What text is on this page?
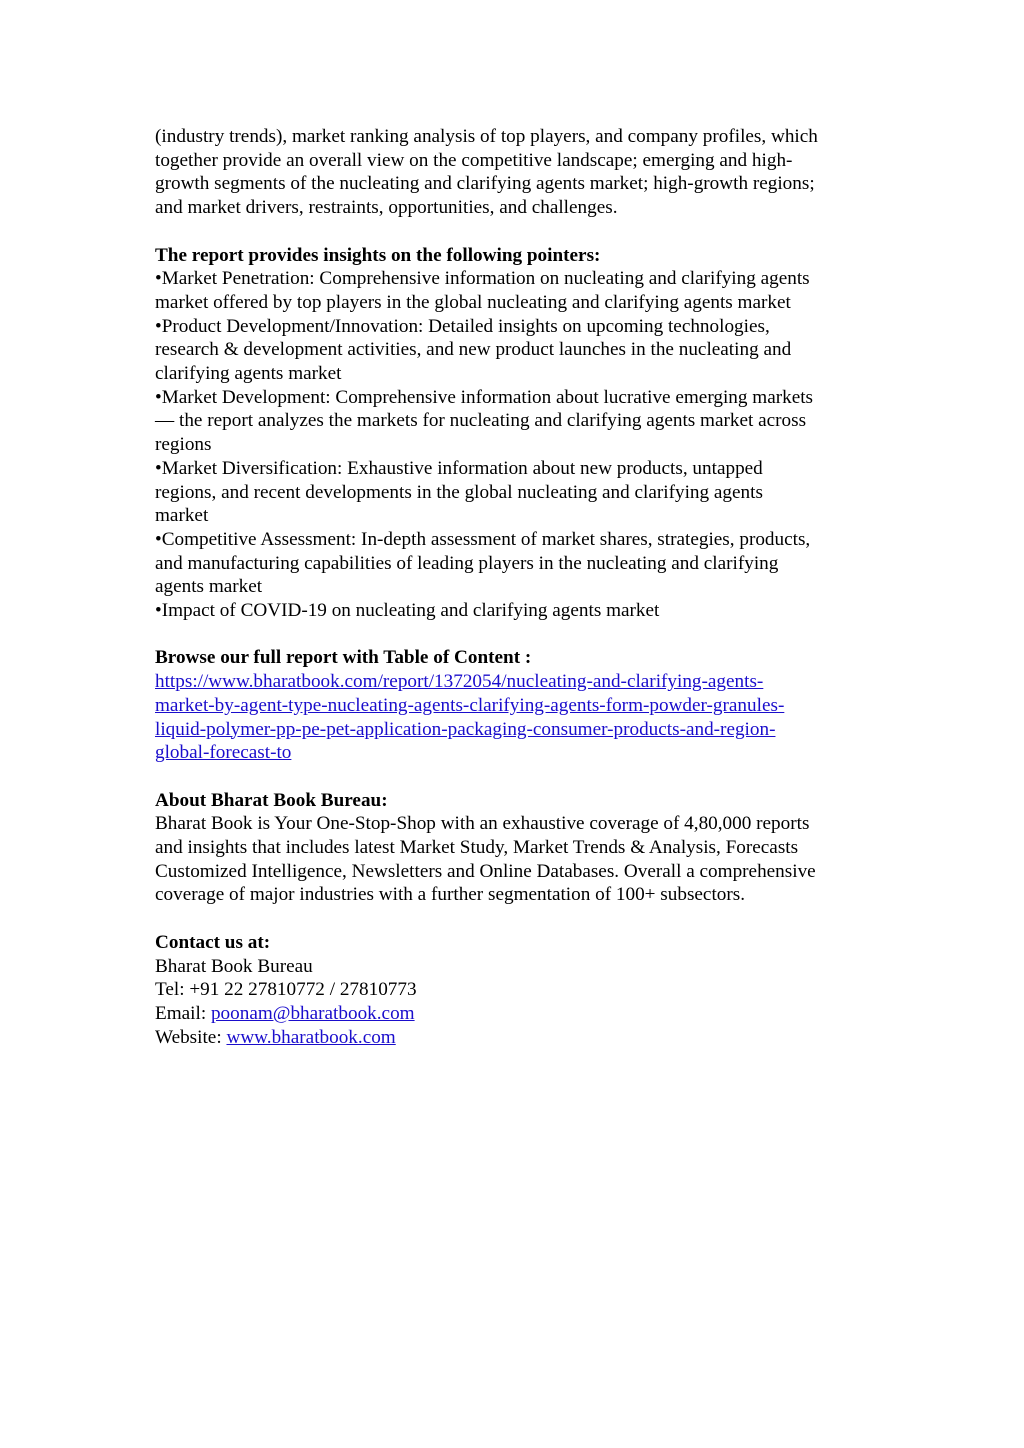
(industry trends), market ranking analysis of top players, and company profiles, which
together provide an overall view on the competitive landscape; emerging and high-
growth segments of the nucleating and clarifying agents market; high-growth regions;
and market drivers, restraints, opportunities, and challenges.
The report provides insights on the following pointers:
•Market Penetration: Comprehensive information on nucleating and clarifying agents
market offered by top players in the global nucleating and clarifying agents market
•Product Development/Innovation: Detailed insights on upcoming technologies,
research & development activities, and new product launches in the nucleating and
clarifying agents market
•Market Development: Comprehensive information about lucrative emerging markets
— the report analyzes the markets for nucleating and clarifying agents market across
regions
•Market Diversification: Exhaustive information about new products, untapped
regions, and recent developments in the global nucleating and clarifying agents
market
•Competitive Assessment: In-depth assessment of market shares, strategies, products,
and manufacturing capabilities of leading players in the nucleating and clarifying
agents market
•Impact of COVID-19 on nucleating and clarifying agents market
Browse our full report with Table of Content :
https://www.bharatbook.com/report/1372054/nucleating-and-clarifying-agents-
market-by-agent-type-nucleating-agents-clarifying-agents-form-powder-granules-
liquid-polymer-pp-pe-pet-application-packaging-consumer-products-and-region-
global-forecast-to
About Bharat Book Bureau:
Bharat Book is Your One-Stop-Shop with an exhaustive coverage of 4,80,000 reports
and insights that includes latest Market Study, Market Trends & Analysis, Forecasts
Customized Intelligence, Newsletters and Online Databases. Overall a comprehensive
coverage of major industries with a further segmentation of 100+ subsectors.
Contact us at:
Bharat Book Bureau
Tel: +91 22 27810772 / 27810773
Email: poonam@bharatbook.com
Website: www.bharatbook.com
